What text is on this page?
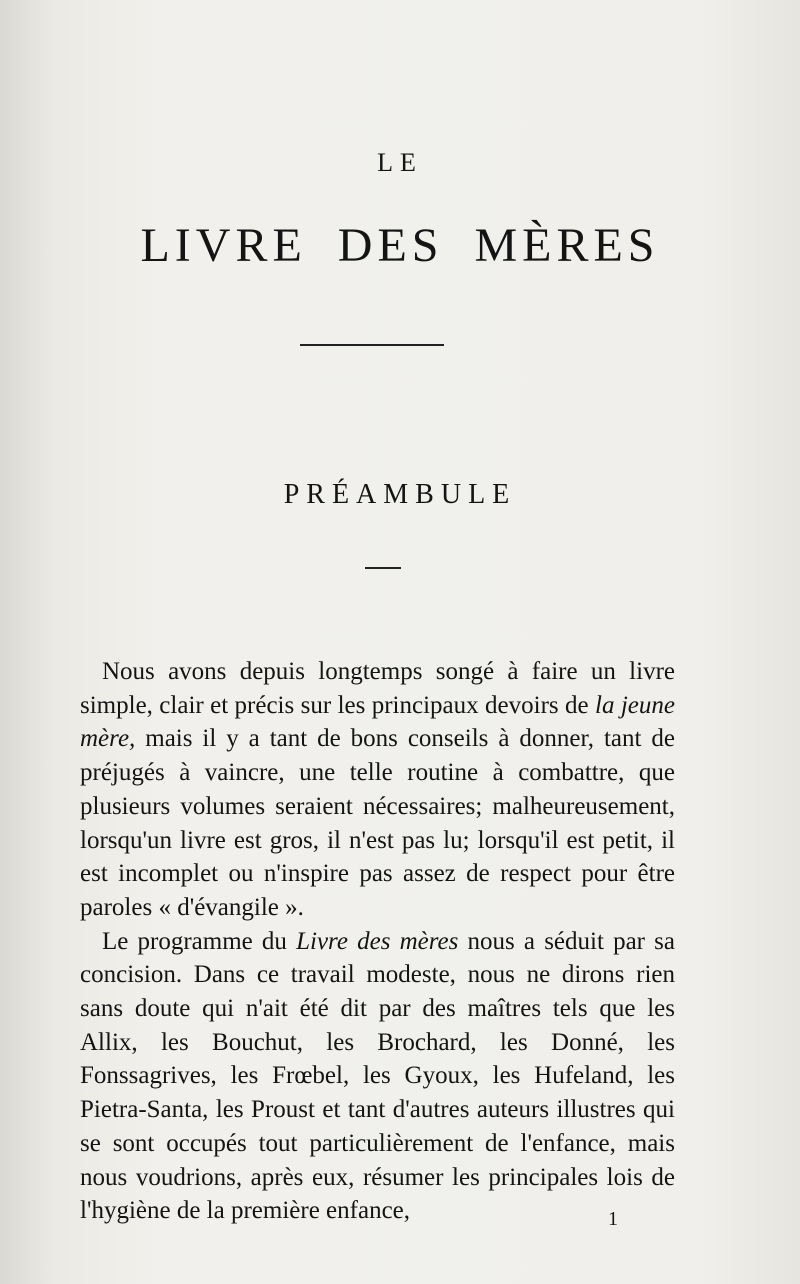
LE
LIVRE DES MÈRES
PRÉAMBULE

Nous avons depuis longtemps songé à faire un livre simple, clair et précis sur les principaux devoirs de la jeune mère, mais il y a tant de bons conseils à donner, tant de préjugés à vaincre, une telle routine à combattre, que plusieurs volumes seraient nécessaires; malheureusement, lorsqu'un livre est gros, il n'est pas lu; lorsqu'il est petit, il est incomplet ou n'inspire pas assez de respect pour être paroles « d'évangile ».

Le programme du Livre des mères nous a séduit par sa concision. Dans ce travail modeste, nous ne dirons rien sans doute qui n'ait été dit par des maîtres tels que les Allix, les Bouchut, les Brochard, les Donné, les Fonssagrives, les Frœbel, les Gyoux, les Hufeland, les Pietra-Santa, les Proust et tant d'autres auteurs illustres qui se sont occupés tout particulièrement de l'enfance, mais nous voudrions, après eux, résumer les principales lois de l'hygiène de la première enfance,	1
